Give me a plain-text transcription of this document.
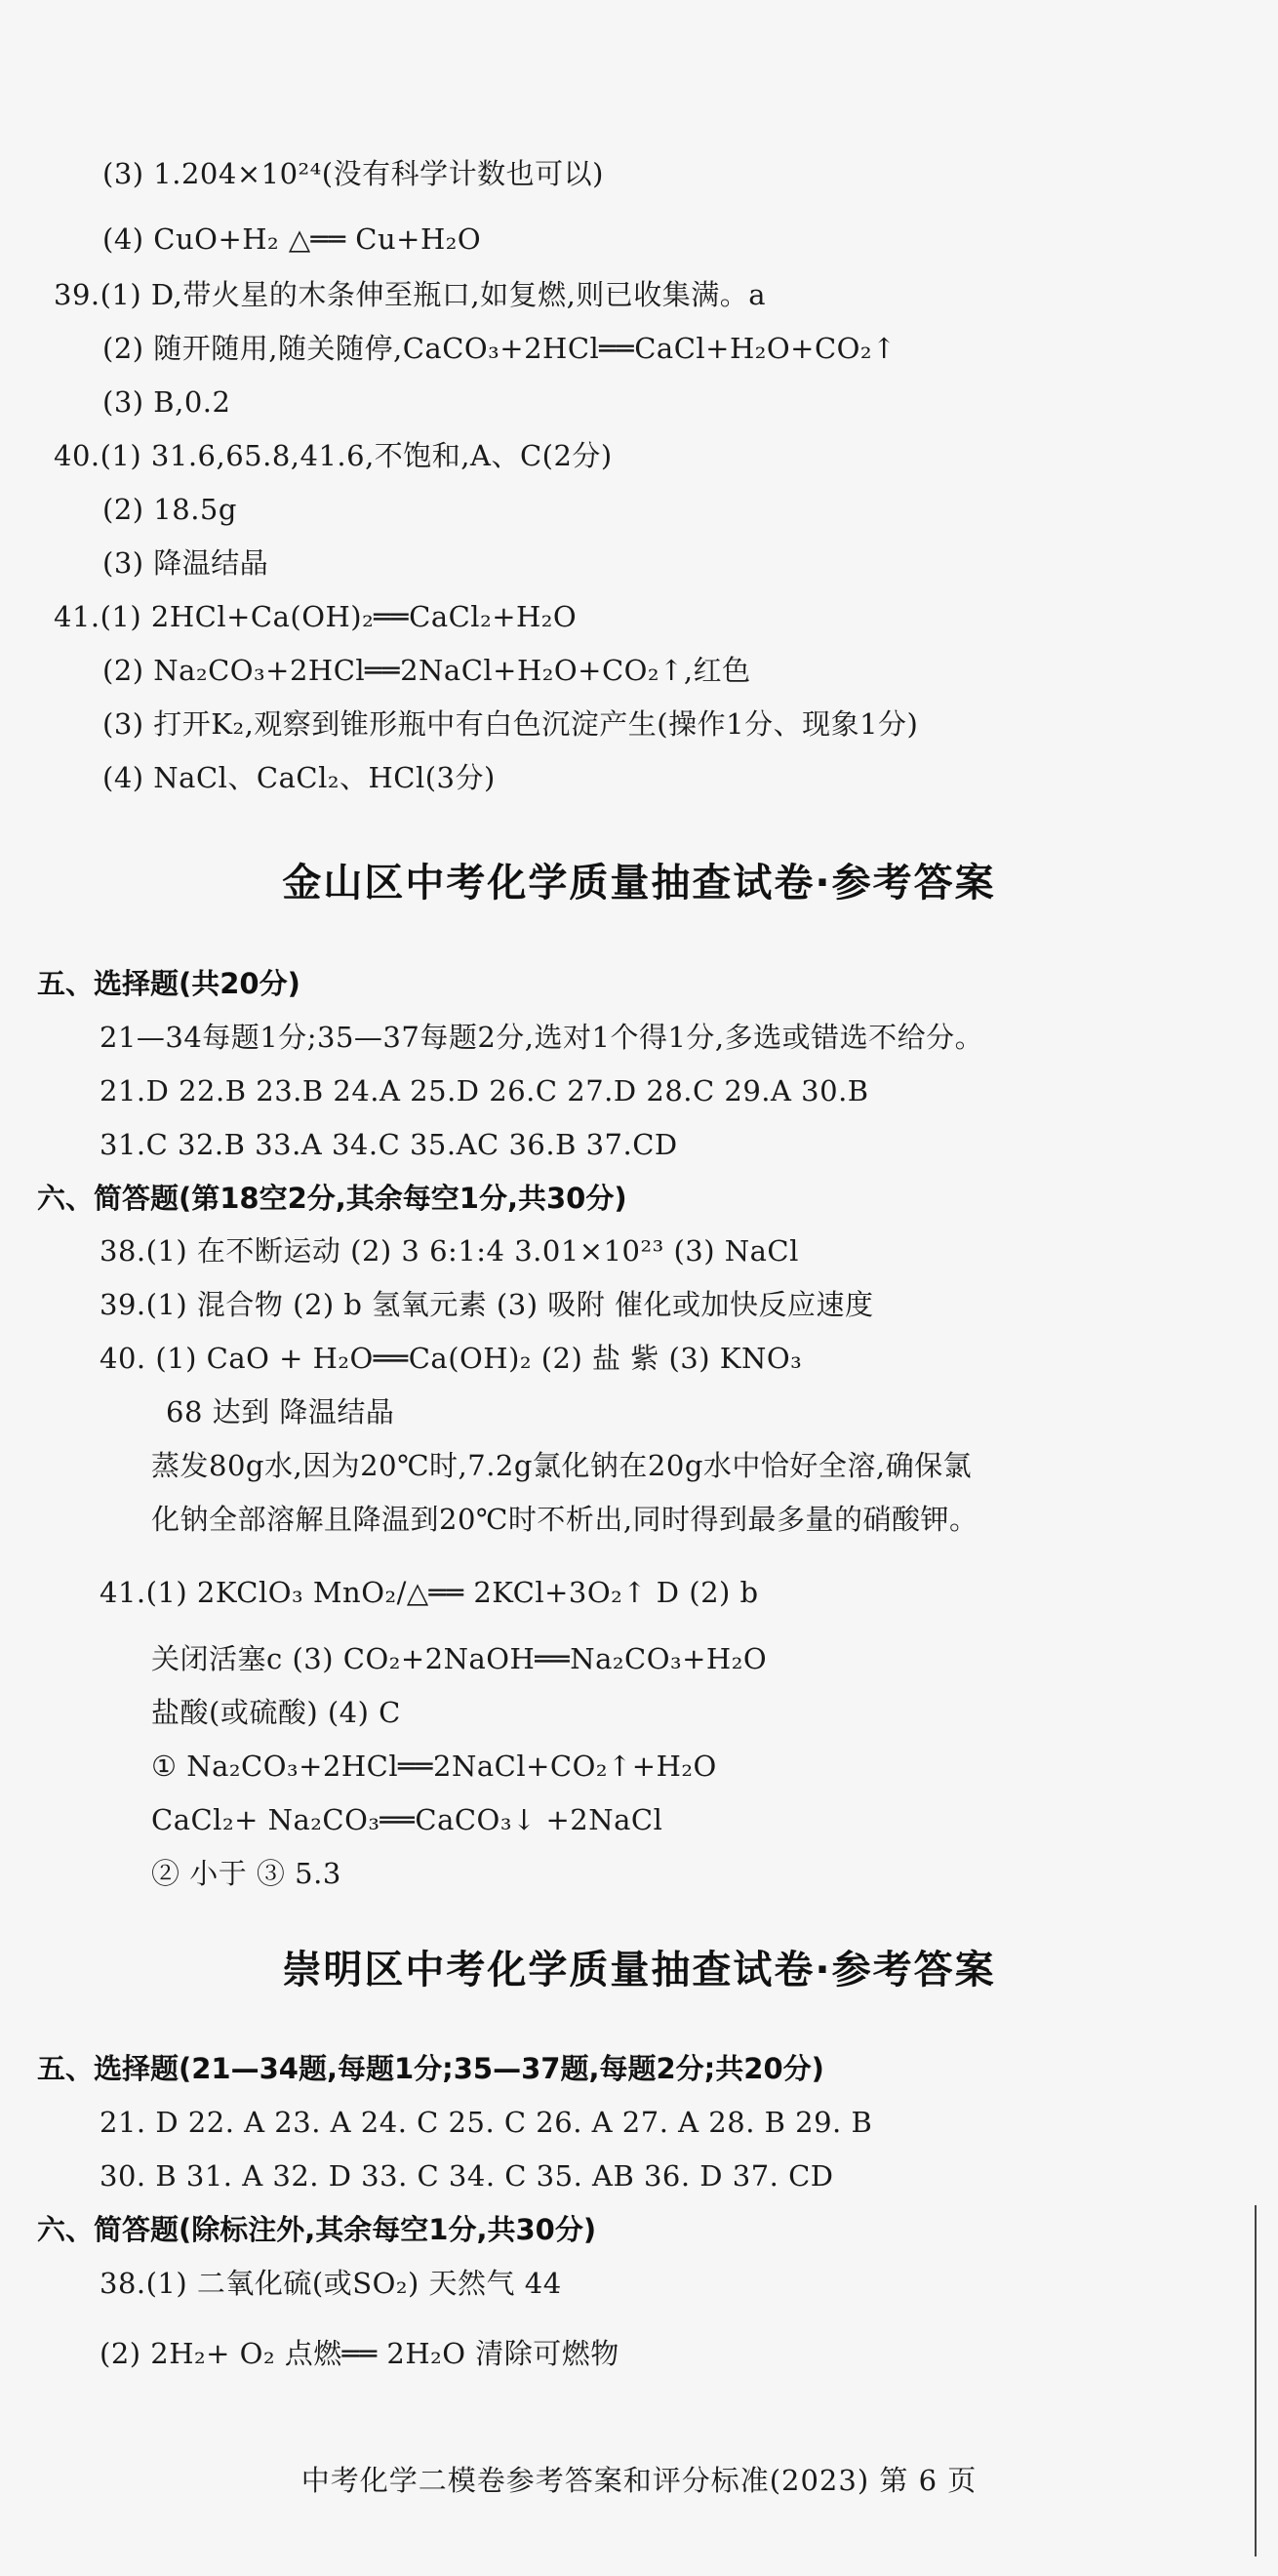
(3) 1.204×10²⁴(没有科学计数也可以)
(4) CuO+H₂ △══ Cu+H₂O
39.(1) D,带火星的木条伸至瓶口,如复燃,则已收集满。a
(2) 随开随用,随关随停,CaCO₃+2HCl══CaCl+H₂O+CO₂↑
(3) B,0.2
40.(1) 31.6,65.8,41.6,不饱和,A、C(2分)
(2) 18.5g
(3) 降温结晶
41.(1) 2HCl+Ca(OH)₂══CaCl₂+H₂O
(2) Na₂CO₃+2HCl══2NaCl+H₂O+CO₂↑,红色
(3) 打开K₂,观察到锥形瓶中有白色沉淀产生(操作1分、现象1分)
(4) NaCl、CaCl₂、HCl(3分)
金山区中考化学质量抽查试卷·参考答案
五、选择题(共20分)
21—34每题1分;35—37每题2分,选对1个得1分,多选或错选不给分。
21.D 22.B 23.B 24.A 25.D 26.C 27.D 28.C 29.A 30.B
31.C 32.B 33.A 34.C 35.AC 36.B 37.CD
六、简答题(第18空2分,其余每空1分,共30分)
38.(1) 在不断运动 (2) 3 6:1:4 3.01×10²³ (3) NaCl
39.(1) 混合物 (2) b 氢氧元素 (3) 吸附 催化或加快反应速度
40. (1) CaO + H₂O══Ca(OH)₂ (2) 盐 紫 (3) KNO₃
68 达到 降温结晶
蒸发80g水,因为20℃时,7.2g氯化钠在20g水中恰好全溶,确保氯
化钠全部溶解且降温到20℃时不析出,同时得到最多量的硝酸钾。
41.(1) 2KClO₃ MnO₂/△══ 2KCl+3O₂↑ D (2) b
关闭活塞c (3) CO₂+2NaOH══Na₂CO₃+H₂O
盐酸(或硫酸) (4) C
① Na₂CO₃+2HCl══2NaCl+CO₂↑+H₂O
CaCl₂+ Na₂CO₃══CaCO₃↓ +2NaCl
② 小于 ③ 5.3
崇明区中考化学质量抽查试卷·参考答案
五、选择题(21—34题,每题1分;35—37题,每题2分;共20分)
21. D 22. A 23. A 24. C 25. C 26. A 27. A 28. B 29. B
30. B 31. A 32. D 33. C 34. C 35. AB 36. D 37. CD
六、简答题(除标注外,其余每空1分,共30分)
38.(1) 二氧化硫(或SO₂) 天然气 44
(2) 2H₂+ O₂ 点燃══ 2H₂O 清除可燃物
中考化学二模卷参考答案和评分标准(2023) 第 6 页
